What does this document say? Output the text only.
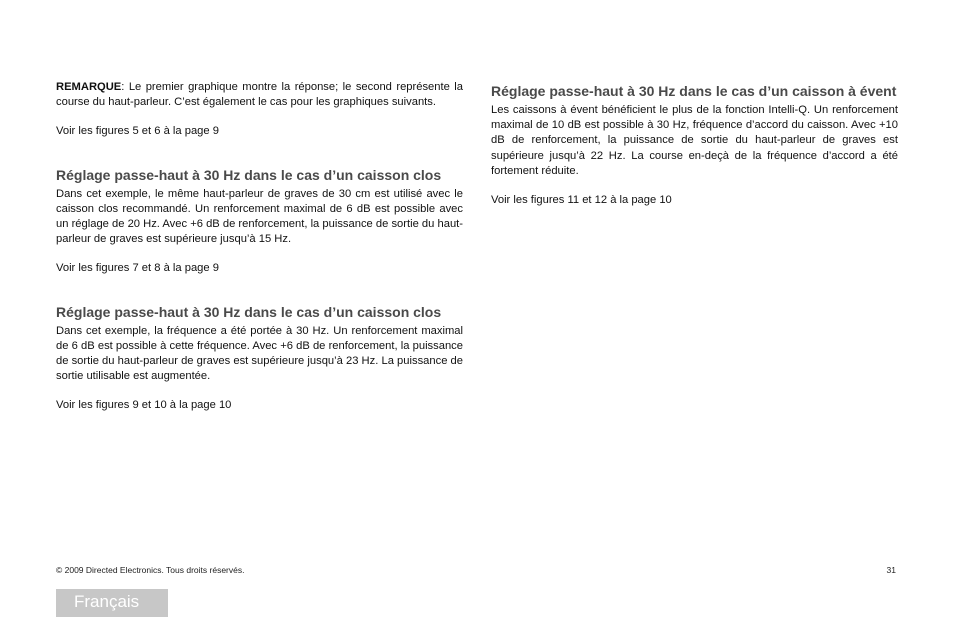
REMARQUE: Le premier graphique montre la réponse; le second représente la course du haut-parleur. C’est également le cas pour les graphiques suivants.

Voir les figures 5 et 6 à la page 9

Réglage passe-haut à 30 Hz dans le cas d’un caisson clos

Dans cet exemple, le même haut-parleur de graves de 30 cm est utilisé avec le caisson clos recommandé. Un renforcement maximal de 6 dB est possible avec un réglage de 20 Hz. Avec +6 dB de renforcement, la puissance de sortie du haut-parleur de graves est supérieure jusqu’à 15 Hz.

Voir les figures 7 et 8 à la page 9

Réglage passe-haut à 30 Hz dans le cas d’un caisson clos

Dans cet exemple, la fréquence a été portée à 30 Hz. Un renforcement maximal de 6 dB est possible à cette fréquence. Avec +6 dB de renforcement, la puissance de sortie du haut-parleur de graves est supérieure jusqu’à 23 Hz. La puissance de sortie utilisable est augmentée.

Voir les figures 9 et 10 à la page 10

Réglage passe-haut à 30 Hz dans le cas d’un caisson à évent

Les caissons à évent bénéficient le plus de la fonction Intelli-Q. Un renforcement maximal de 10 dB est possible à 30 Hz, fréquence d’accord du caisson. Avec +10 dB de renforcement, la puissance de sortie du haut-parleur de graves est supérieure jusqu’à 22 Hz. La course en-deçà de la fréquence d’accord a été fortement réduite.

Voir les figures 11 et 12 à la page 10

© 2009 Directed Electronics. Tous droits réservés.	31
Français
